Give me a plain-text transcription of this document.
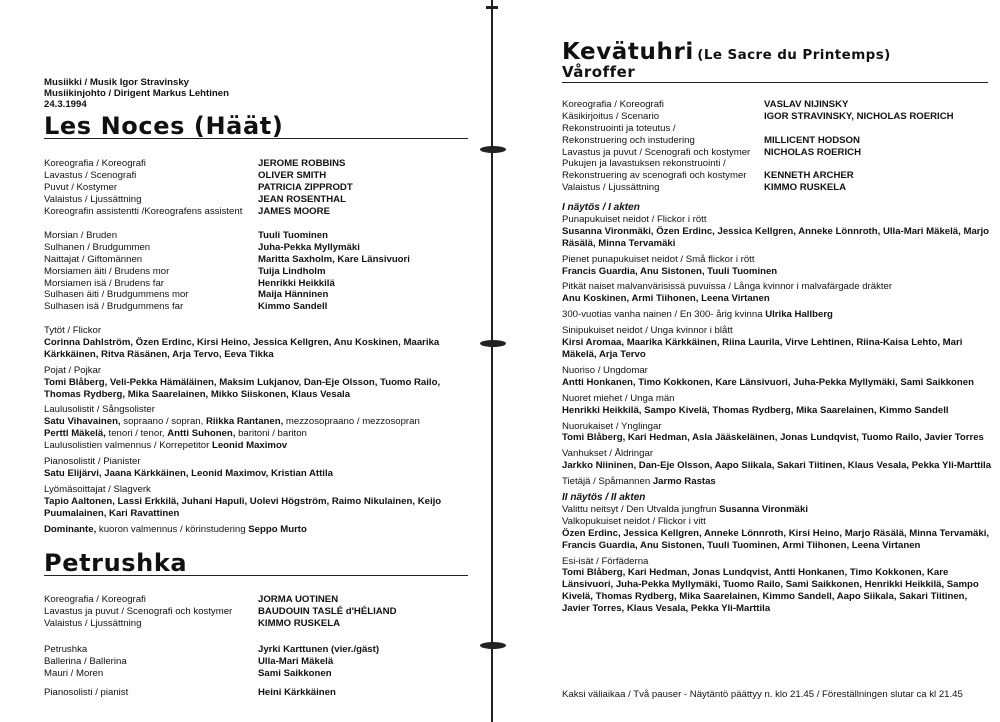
Musiikki / Musik Igor Stravinsky
Musiikinjohto / Dirigent Markus Lehtinen
24.3.1994
Les Noces (Häät)
Koreografia / Koreografi	JEROME ROBBINS
Lavastus / Scenografi	OLIVER SMITH
Puvut / Kostymer	PATRICIA ZIPPRODT
Valaistus / Ljussättning	JEAN ROSENTHAL
Koreografin assistentti /Koreografens assistent JAMES MOORE
Morsian / Bruden	Tuuli Tuominen
Sulhanen / Brudgummen	Juha-Pekka Myllymäki
Naittajat / Giftomännen	Maritta Saxholm, Kare Länsivuori
Morsiamen äiti / Brudens mor	Tuija Lindholm
Morsiamen isä / Brudens far	Henrikki Heikkilä
Sulhasen äiti / Brudgummens mor	Maija Hänninen
Sulhasen isä / Brudgummens far	Kimmo Sandell
Tytöt / Flickor
Corinna Dahlström, Özen Erdinc, Kirsi Heino, Jessica Kellgren, Anu Koskinen, Maarika Kärkkäinen, Ritva Räsänen, Arja Tervo, Eeva Tikka
Pojat / Pojkar
Tomi Blåberg, Veli-Pekka Hämäläinen, Maksim Lukjanov, Dan-Eje Olsson, Tuomo Railo, Thomas Rydberg, Mika Saarelainen, Mikko Siiskonen, Klaus Vesala
Laulusolistit / Sångsolister
Satu Vihavainen, sopraano / sopran, Riikka Rantanen, mezzosopraano / mezzosopran
Perttl Mäkelä, tenori / tenor, Antti Suhonen, baritoni / bariton
Laulusolistien valmennus / Korrepetitor Leonid Maximov
Pianosolistit / Pianister
Satu Elijärvi, Jaana Kärkkäinen, Leonid Maximov, Kristian Attila
Lyömäsoittajat / Slagverk
Tapio Aaltonen, Lassi Erkkilä, Juhani Hapuli, Uolevi Högström, Raimo Nikulainen, Keijo Puumalainen, Kari Ravattinen
Dominante, kuoron valmennus / körinstudering Seppo Murto
Petrushka
Koreografia / Koreografi	JORMA UOTINEN
Lavastus ja puvut / Scenografi och kostymer	BAUDOUIN TASLÉ d'HÉLIAND
Valaistus / Ljussättning	KIMMO RUSKELA
Petrushka	Jyrki Karttunen (vier./gäst)
Ballerina / Ballerina	Ulla-Mari Mäkelä
Mauri / Moren	Sami Saikkonen
Pianosolisti / pianist	Heini Kärkkäinen
Kevätuhri (Le Sacre du Printemps)
Våroffer
Koreografia / Koreografi	VASLAV NIJINSKY
Käsikirjoitus / Scenario	IGOR STRAVINSKY, NICHOLAS ROERICH
Rekonstruointi ja toteutus /
Rekonstruering och instudering	MILLICENT HODSON
Lavastus ja puvut / Scenografi och kostymer NICHOLAS ROERICH
Pukujen ja lavastuksen rekonstruointi /
Rekonstruering av scenografi och kostymer KENNETH ARCHER
Valaistus / Ljussättning	KIMMO RUSKELA
I näytös / I akten
Punapukuiset neidot / Flickor i rött
Susanna Vironmäki, Özen Erdinc, Jessica Kellgren, Anneke Lönnroth, Ulla-Mari Mäkelä, Marjo Räsälä, Minna Tervamäki
Pienet punapukuiset neidot / Små flickor i rött
Francis Guardia, Anu Sistonen, Tuuli Tuominen
Pitkät naiset malvanvärisissä puvuissa / Långa kvinnor i malvafärgade dräkter
Anu Koskinen, Armi Tiihonen, Leena Virtanen
300-vuotias vanha nainen / En 300- årig kvinna Ulrika Hallberg
Sinipukuiset neidot / Unga kvinnor i blått
Kirsi Aromaa, Maarika Kärkkäinen, Riina Laurila, Virve Lehtinen, Riina-Kaisa Lehto, Mari Mäkelä, Arja Tervo
Nuoriso / Ungdomar
Antti Honkanen, Timo Kokkonen, Kare Länsivuori, Juha-Pekka Myllymäki, Sami Saikkonen
Nuoret miehet / Unga män
Henrikki Heikkilä, Sampo Kivelä, Thomas Rydberg, Mika Saarelainen, Kimmo Sandell
Nuorukaiset / Ynglingar
Tomi Blåberg, Kari Hedman, Asla Jääskeläinen, Jonas Lundqvist, Tuomo Railo, Javier Torres
Vanhukset / Åldringar
Jarkko Niininen, Dan-Eje Olsson, Aapo Siikala, Sakari Tiitinen, Klaus Vesala, Pekka Yli-Marttila
Tietäjä / Spåmannen Jarmo Rastas
II näytös / II akten
Valittu neitsyt / Den Utvalda jungfrun Susanna Vironmäki
Valkopukuiset neidot / Flickor i vitt
Özen Erdinc, Jessica Kellgren, Anneke Lönnroth, Kirsi Heino, Marjo Räsälä, Minna Tervamäki, Francis Guardia, Anu Sistonen, Tuuli Tuominen, Armi Tiihonen, Leena Virtanen
Esi-isät / Förfäderna
Tomi Blåberg, Kari Hedman, Jonas Lundqvist, Antti Honkanen, Timo Kokkonen, Kare Länsivuori, Juha-Pekka Myllymäki, Tuomo Railo, Sami Saikkonen, Henrikki Heikkilä, Sampo Kivelä, Thomas Rydberg, Mika Saarelainen, Kimmo Sandell, Aapo Siikala, Sakari Tiitinen, Javier Torres, Klaus Vesala, Pekka Yli-Marttila
Kaksi väliaikaa / Två pauser - Näytäntö päättyy n. klo 21.45 / Föreställningen slutar ca kl 21.45
